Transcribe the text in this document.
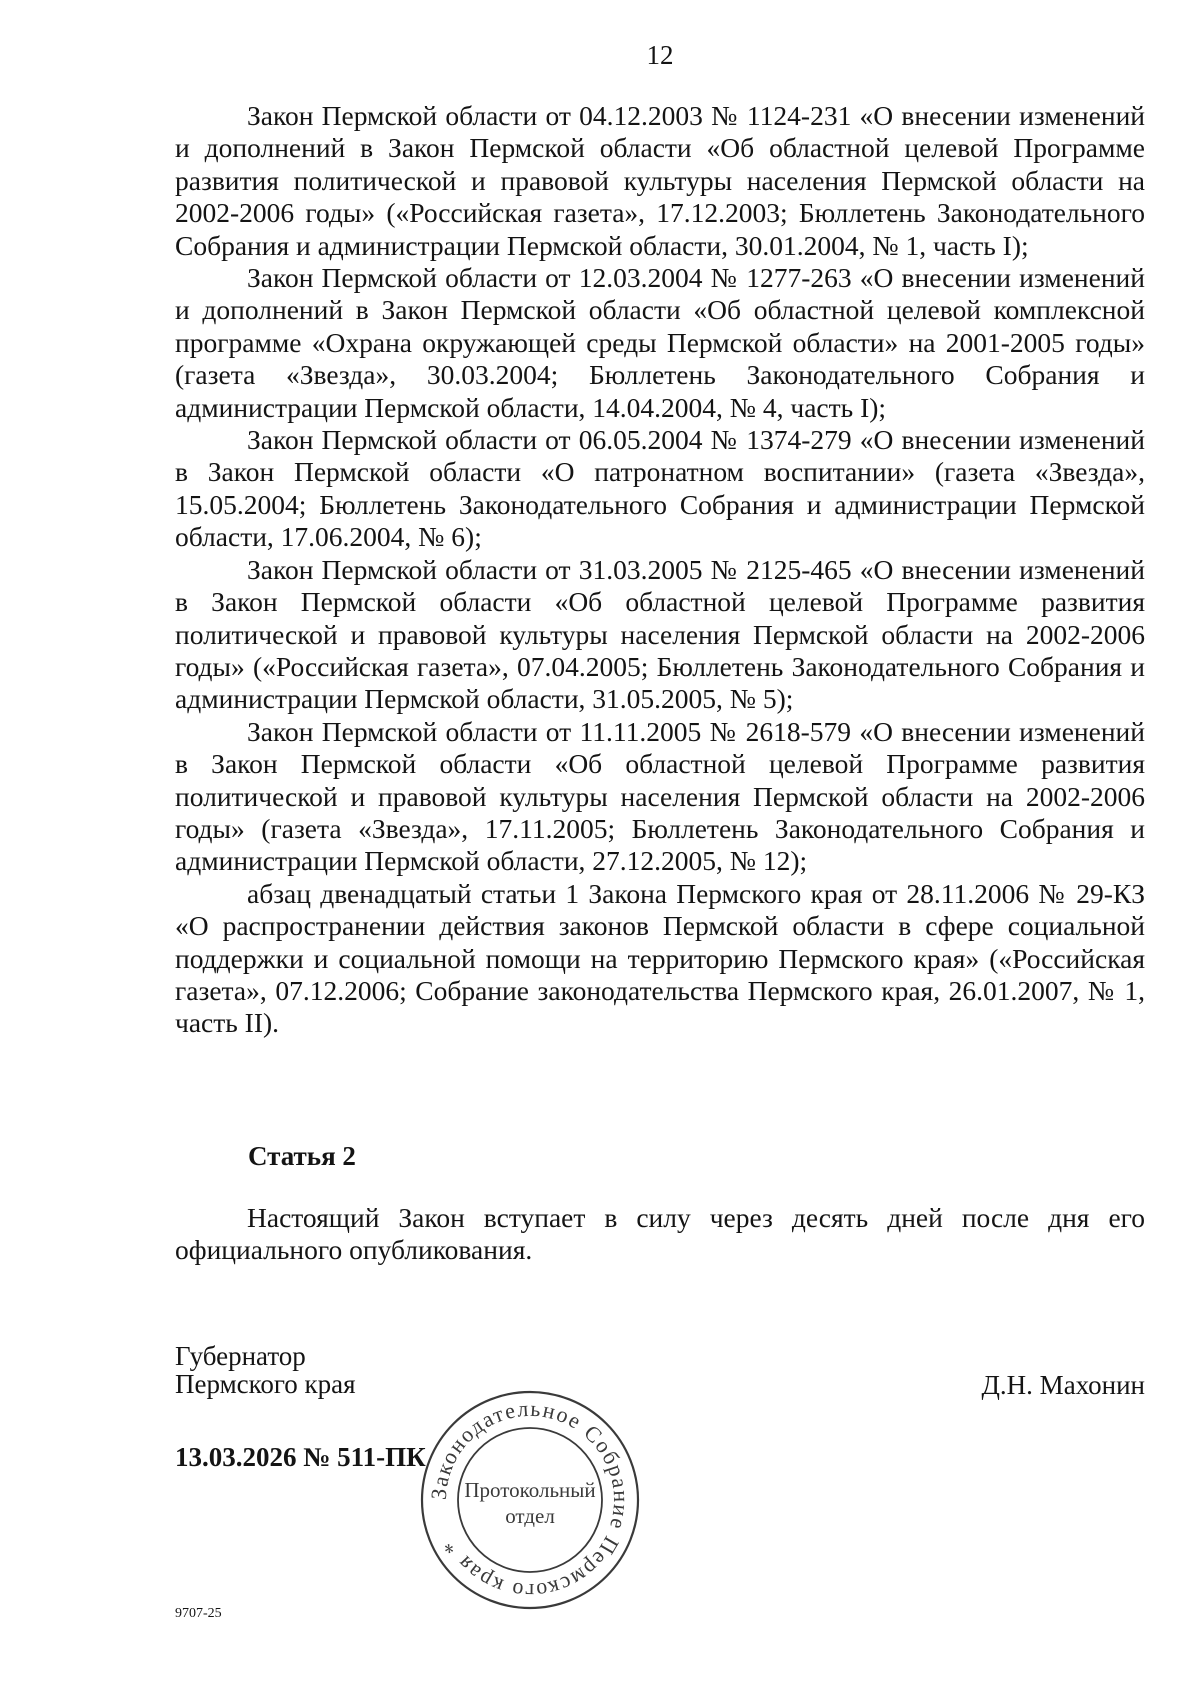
12

Закон Пермской области от 04.12.2003 № 1124-231 «О внесении изменений и дополнений в Закон Пермской области «Об областной целевой Программе развития политической и правовой культуры населения Пермской области на 2002-2006 годы» («Российская газета», 17.12.2003; Бюллетень Законодательного Собрания и администрации Пермской области, 30.01.2004, № 1, часть I);

Закон Пермской области от 12.03.2004 № 1277-263 «О внесении изменений и дополнений в Закон Пермской области «Об областной целевой комплексной программе «Охрана окружающей среды Пермской области» на 2001-2005 годы» (газета «Звезда», 30.03.2004; Бюллетень Законодательного Собрания и администрации Пермской области, 14.04.2004, № 4, часть I);

Закон Пермской области от 06.05.2004 № 1374-279 «О внесении изменений в Закон Пермской области «О патронатном воспитании» (газета «Звезда», 15.05.2004; Бюллетень Законодательного Собрания и администрации Пермской области, 17.06.2004, № 6);

Закон Пермской области от 31.03.2005 № 2125-465 «О внесении изменений в Закон Пермской области «Об областной целевой Программе развития политической и правовой культуры населения Пермской области на 2002-2006 годы» («Российская газета», 07.04.2005; Бюллетень Законодательного Собрания и администрации Пермской области, 31.05.2005, № 5);

Закон Пермской области от 11.11.2005 № 2618-579 «О внесении изменений в Закон Пермской области «Об областной целевой Программе развития политической и правовой культуры населения Пермской области на 2002-2006 годы» (газета «Звезда», 17.11.2005; Бюллетень Законодательного Собрания и администрации Пермской области, 27.12.2005, № 12);

абзац двенадцатый статьи 1 Закона Пермского края от 28.11.2006 № 29-КЗ «О распространении действия законов Пермской области в сфере социальной поддержки и социальной помощи на территорию Пермского края» («Российская газета», 07.12.2006; Собрание законодательства Пермского края, 26.01.2007, № 1, часть II).

Статья 2

Настоящий Закон вступает в силу через десять дней после дня его официального опубликования.

Губернатор
Пермского края	Д.Н. Махонин
13.03.2026 № 511-ПК
Законодательное Собрание Пермского края *
Протокольный
отдел
9707-25
